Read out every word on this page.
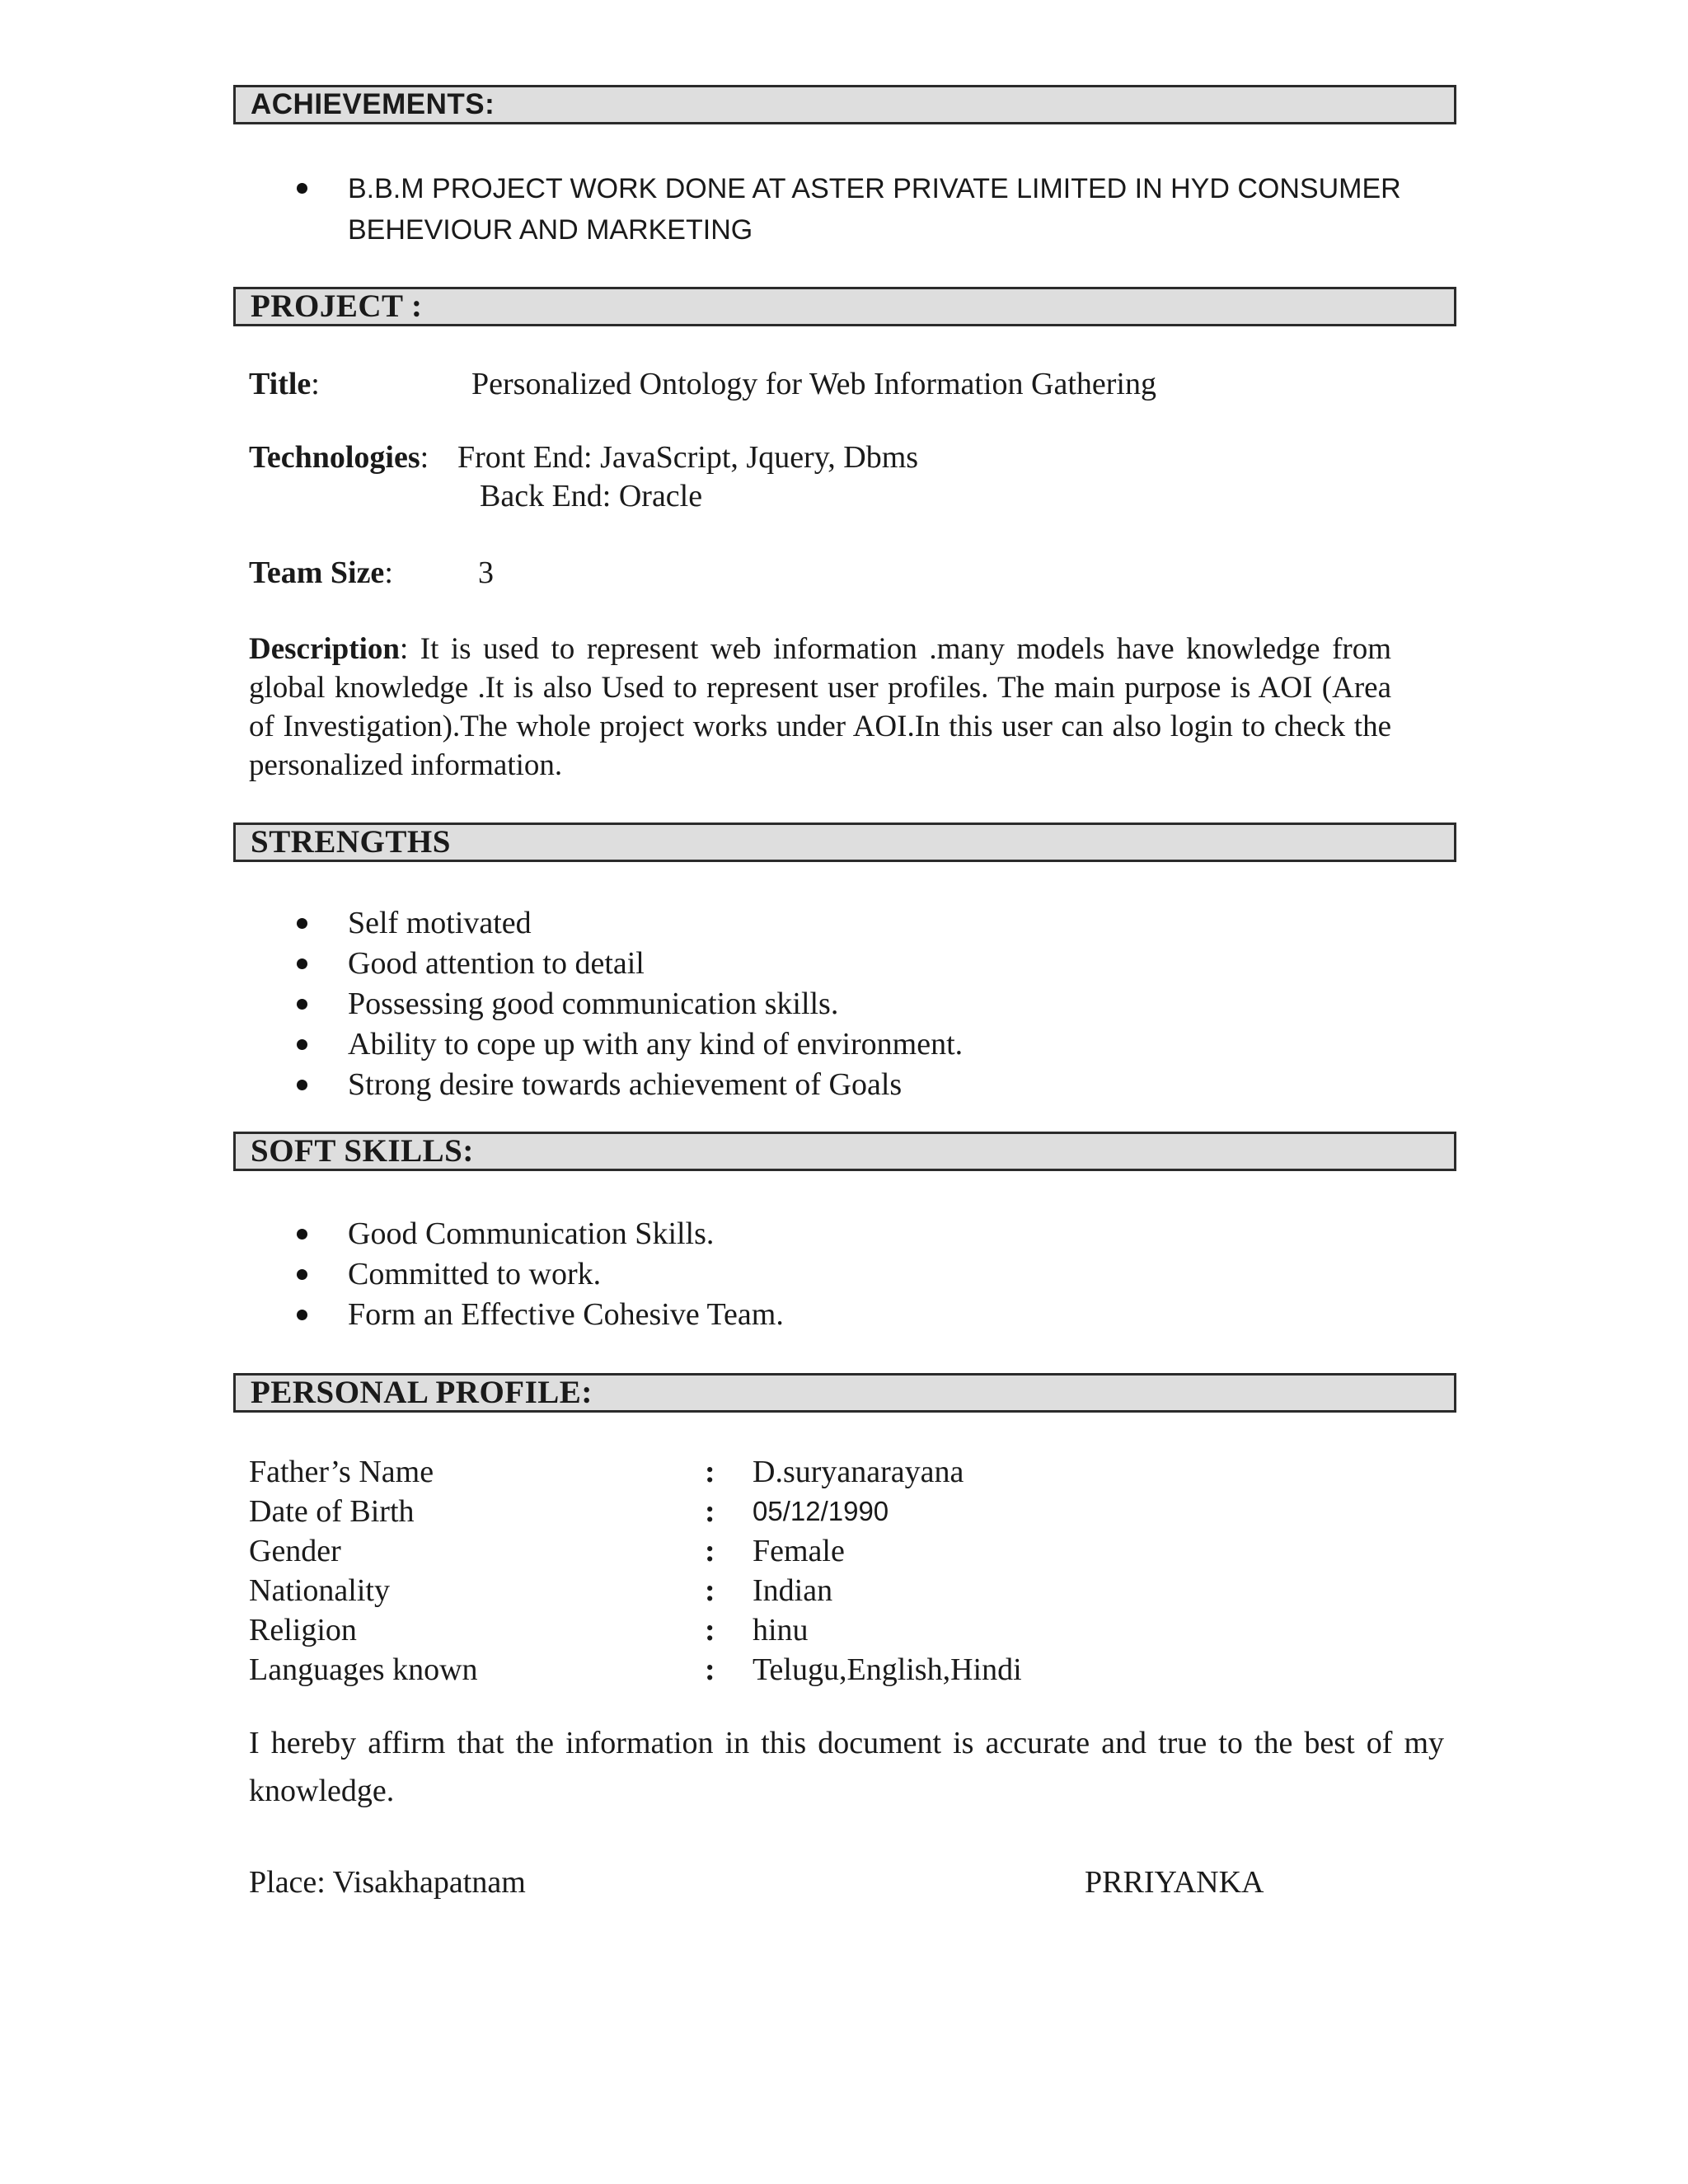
ACHIEVEMENTS:
B.B.M PROJECT WORK DONE AT ASTER PRIVATE LIMITED IN HYD CONSUMER BEHEVIOUR AND MARKETING
PROJECT :
Title:	Personalized Ontology for Web Information Gathering
Technologies: Front End: JavaScript, Jquery, Dbms
Back End: Oracle
Team Size:	3
Description: It is used to represent web information .many models have knowledge from global knowledge .It is also Used to represent user profiles. The main purpose is AOI (Area of Investigation).The whole project works under AOI.In this user can also login to check the personalized information.
STRENGTHS
Self motivated
Good attention to detail
Possessing good communication skills.
Ability to cope up with any kind of environment.
Strong desire towards achievement of Goals
SOFT SKILLS:
Good Communication Skills.
Committed to work.
Form an Effective Cohesive Team.
PERSONAL PROFILE:
Father’s Name	:	D.suryanarayana
Date of Birth	:	05/12/1990
Gender	:	Female
Nationality	:	Indian
Religion	:	hinu
Languages known	:	Telugu,English,Hindi
I hereby affirm that the information in this document is accurate and true to the best of my knowledge.
Place: Visakhapatnam	PRRIYANKA
